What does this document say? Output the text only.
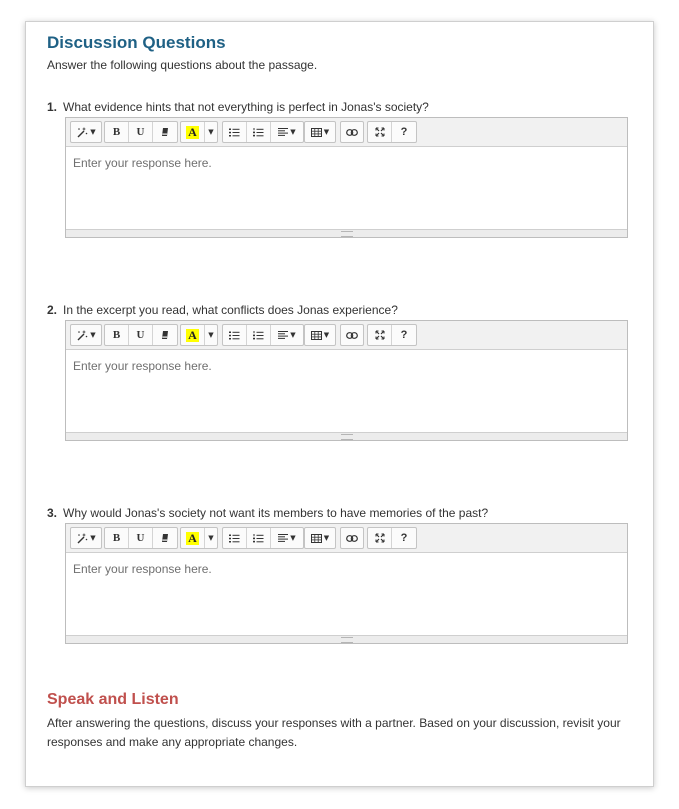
Discussion Questions
Answer the following questions about the passage.
1. What evidence hints that not everything is perfect in Jonas's society?
▼	B	U	A ▼	▼	▼	?
Enter your response here.
2. In the excerpt you read, what conflicts does Jonas experience?
▼	B	U	A ▼	▼	▼	?
Enter your response here.
3. Why would Jonas's society not want its members to have memories of the past?
▼	B	U	A ▼	▼	▼	?
Enter your response here.
Speak and Listen
After answering the questions, discuss your responses with a partner. Based on your discussion, revisit your responses and make any appropriate changes.
